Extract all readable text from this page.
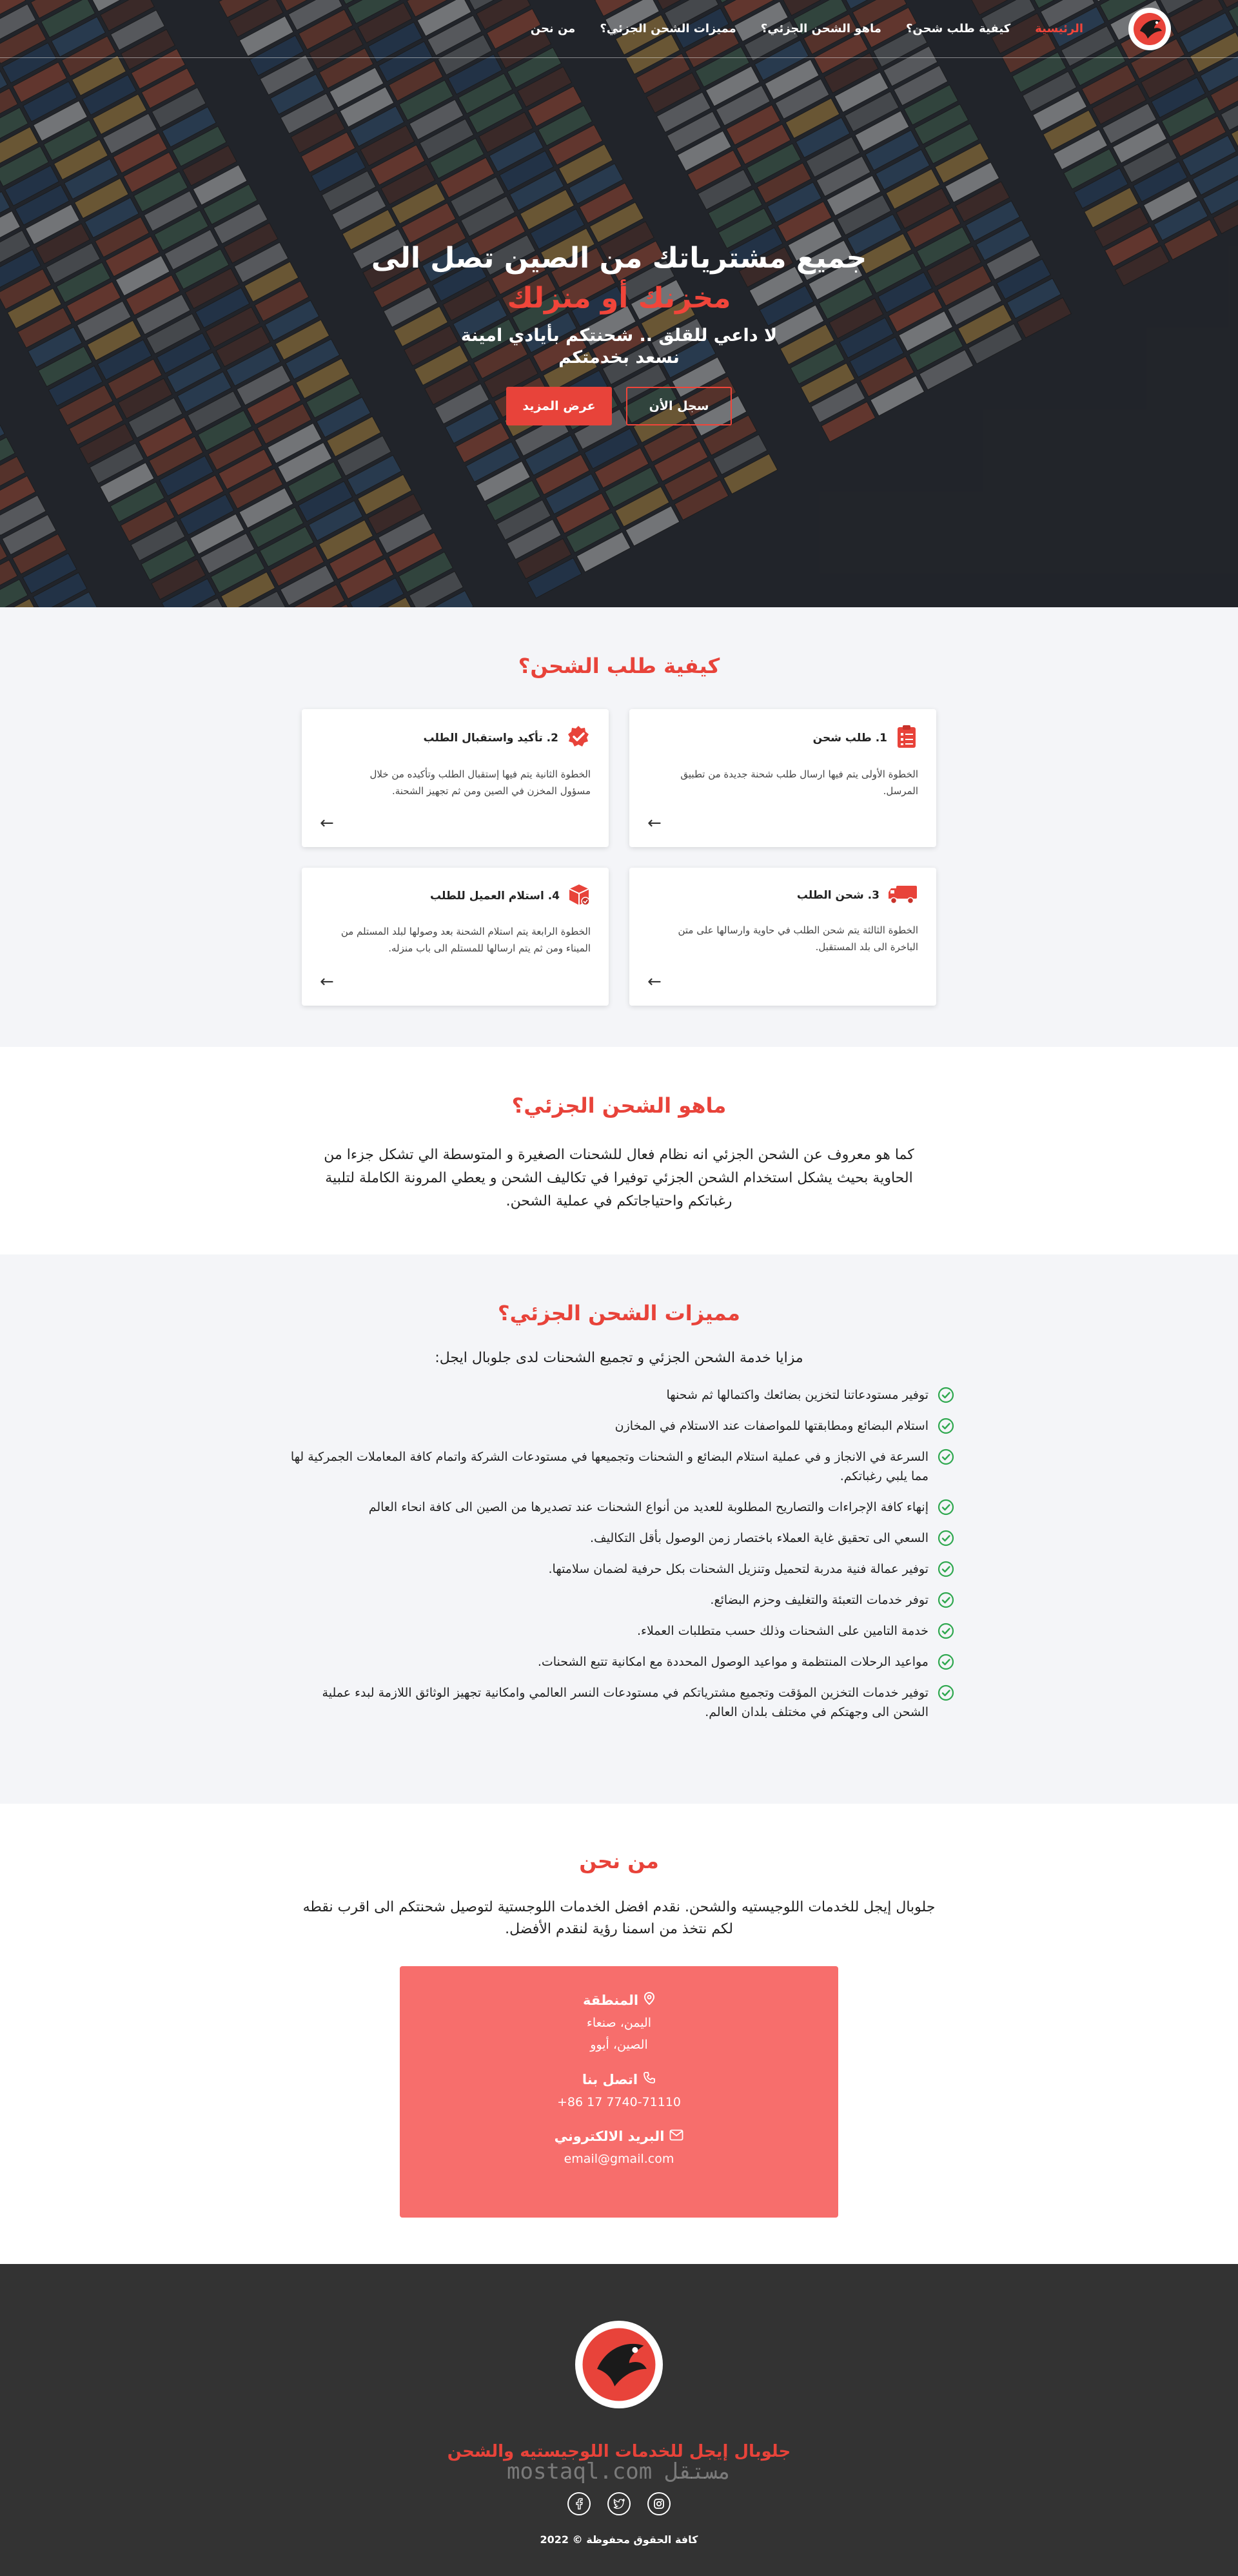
الرئيسية
كيفية طلب شحن؟
ماهو الشحن الجزئي؟
مميزات الشحن الجزئي؟
من نحن
جميع مشترياتك من الصين تصل الى
مخزنك أو منزلك
لا داعي للقلق .. شحنتكم بأيادي امينة
نسعد بخدمتكم
سجل الأن
عرض المزيد
كيفية طلب الشحن؟
1. طلب شحن

الخطوة الأولى يتم فيها ارسال طلب شحنة جديدة من تطبيق المرسل.

←
2. تأكيد واستقبال الطلب

الخطوة الثانية يتم فيها إستقبال الطلب وتأكيده من خلال مسؤول المخزن في الصين ومن ثم تجهيز الشحنة.

←
3. شحن الطلب

الخطوة الثالثة يتم شحن الطلب في حاوية وارسالها على متن الباخرة الى بلد المستقبل.

←
4. استلام العميل للطلب

الخطوة الرابعة يتم استلام الشحنة بعد وصولها لبلد المستلم من الميناء ومن ثم يتم ارسالها للمستلم الى باب منزله.

←
ماهو الشحن الجزئي؟

كما هو معروف عن الشحن الجزئي انه نظام فعال للشحنات الصغيرة و المتوسطة الي تشكل جزءا من الحاوية بحيث يشكل استخدام الشحن الجزئي توفيرا في تكاليف الشحن و يعطي المرونة الكاملة لتلبية رغباتكم واحتياجاتكم في عملية الشحن.

مميزات الشحن الجزئي؟

مزايا خدمة الشحن الجزئي و تجميع الشحنات لدى جلوبال ايجل:

توفير مستودعاتنا لتخزين بضائعك واكتمالها ثم شحنها
استلام البضائع ومطابقتها للمواصفات عند الاستلام في المخازن
السرعة في الانجاز و في عملية استلام البضائع و الشحنات وتجميعها في مستودعات الشركة واتمام كافة المعاملات الجمركية لها مما يلبي رغباتكم.
إنهاء كافة الإجراءات والتصاريح المطلوبة للعديد من أنواع الشحنات عند تصديرها من الصين الى كافة انحاء العالم
السعي الى تحقيق غاية العملاء باختصار زمن الوصول بأقل التكاليف.
توفير عمالة فنية مدربة لتحميل وتنزيل الشحنات بكل حرفية لضمان سلامتها.
توفر خدمات التعبئة والتغليف وحزم البضائع.
خدمة التامين على الشحنات وذلك حسب متطلبات العملاء.
مواعيد الرحلات المنتظمة و مواعيد الوصول المحددة مع امكانية تتبع الشحنات.
توفير خدمات التخزين المؤقت وتجميع مشترياتكم في مستودعات النسر العالمي وامكانية تجهيز الوثائق اللازمة لبدء عملية الشحن الى وجهتكم في مختلف بلدان العالم.
من نحن

جلوبال إيجل للخدمات اللوجيستيه والشحن. نقدم افضل الخدمات اللوجستية لتوصيل شحنتكم الى اقرب نقطه لكم نتخذ من اسمنا رؤية لنقدم الأفضل.

المنطقة
اليمن، صنعاء
الصين، أيوو
اتصل بنا
7740-71110 17 86+
البريد الالكتروني
email@gmail.com
جلوبال إيجل للخدمات اللوجيستيه والشحن
مستقل mostaql.com
كافة الحقوق محفوظة © 2022
